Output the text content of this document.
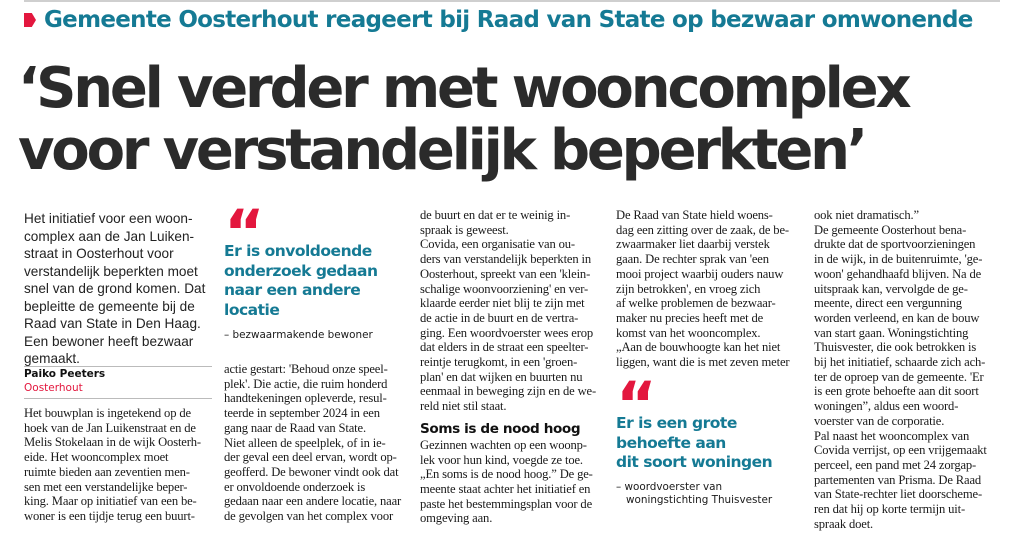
Gemeente Oosterhout reageert bij Raad van State op bezwaar omwonende
‘Snel verder met wooncomplex
voor verstandelijk beperkten’
Het initiatief voor een woon-
complex aan de Jan Luiken-
straat in Oosterhout voor
verstandelijk beperkten moet
snel van de grond komen. Dat
bepleitte de gemeente bij de
Raad van State in Den Haag.
Een bewoner heeft bezwaar
gemaakt.
Paiko Peeters
Oosterhout
Het bouwplan is ingetekend op de
hoek van de Jan Luikenstraat en de
Melis Stokelaan in de wijk Oosterh-
eide. Het wooncomplex moet
ruimte bieden aan zeventien men-
sen met een verstandelijke beper-
king. Maar op initiatief van een be-
woner is een tijdje terug een buurt-
“
Er is onvoldoende
onderzoek gedaan
naar een andere
locatie
– bezwaarmakende bewoner
actie gestart: 'Behoud onze speel-
plek'. Die actie, die ruim honderd
handtekeningen opleverde, resul-
teerde in september 2024 in een
gang naar de Raad van State.
Niet alleen de speelplek, of in ie-
der geval een deel ervan, wordt op-
geofferd. De bewoner vindt ook dat
er onvoldoende onderzoek is
gedaan naar een andere locatie, naar
de gevolgen van het complex voor
de buurt en dat er te weinig in-
spraak is geweest.
Covida, een organisatie van ou-
ders van verstandelijk beperkten in
Oosterhout, spreekt van een 'klein-
schalige woonvoorziening' en ver-
klaarde eerder niet blij te zijn met
de actie in de buurt en de vertra-
ging. Een woordvoerster wees erop
dat elders in de straat een speelter-
reintje terugkomt, in een 'groen-
plan' en dat wijken en buurten nu
eenmaal in beweging zijn en de we-
reld niet stil staat.
Soms is de nood hoog
Gezinnen wachten op een woonp-
lek voor hun kind, voegde ze toe.
„En soms is de nood hoog.” De ge-
meente staat achter het initiatief en
paste het bestemmingsplan voor de
omgeving aan.
De Raad van State hield woens-
dag een zitting over de zaak, de be-
zwaarmaker liet daarbij verstek
gaan. De rechter sprak van 'een
mooi project waarbij ouders nauw
zijn betrokken', en vroeg zich
af welke problemen de bezwaar-
maker nu precies heeft met de
komst van het wooncomplex.
„Aan de bouwhoogte kan het niet
liggen, want die is met zeven meter
“
Er is een grote
behoefte aan
dit soort woningen
– woordvoerster van
woningstichting Thuisvester
ook niet dramatisch.”
De gemeente Oosterhout bena-
drukte dat de sportvoorzieningen
in de wijk, in de buitenruimte, 'ge-
woon' gehandhaafd blijven. Na de
uitspraak kan, vervolgde de ge-
meente, direct een vergunning
worden verleend, en kan de bouw
van start gaan. Woningstichting
Thuisvester, die ook betrokken is
bij het initiatief, schaarde zich ach-
ter de oproep van de gemeente. 'Er
is een grote behoefte aan dit soort
woningen”, aldus een woord-
voerster van de corporatie.
Pal naast het wooncomplex van
Covida verrijst, op een vrijgemaakt
perceel, een pand met 24 zorgap-
partementen van Prisma. De Raad
van State-rechter liet doorscheme-
ren dat hij op korte termijn uit-
spraak doet.
